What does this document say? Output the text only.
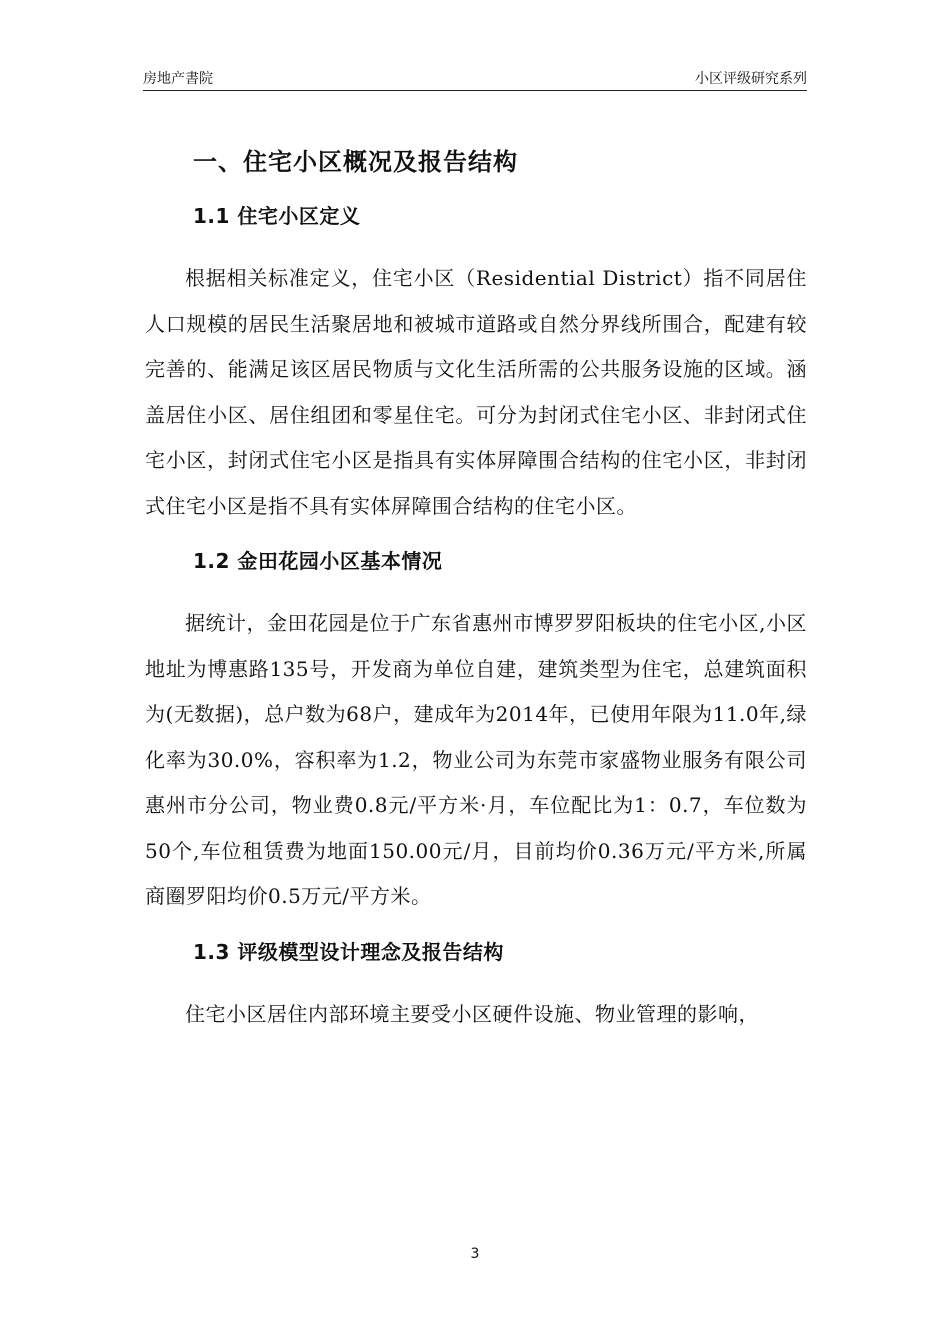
房地产書院	小区评级研究系列
一、住宅小区概况及报告结构
1.1 住宅小区定义

根据相关标准定义，住宅小区（Residential District）指不同居住人口规模的居民生活聚居地和被城市道路或自然分界线所围合，配建有较完善的、能满足该区居民物质与文化生活所需的公共服务设施的区域。涵盖居住小区、居住组团和零星住宅。可分为封闭式住宅小区、非封闭式住宅小区，封闭式住宅小区是指具有实体屏障围合结构的住宅小区，非封闭式住宅小区是指不具有实体屏障围合结构的住宅小区。

1.2 金田花园小区基本情况

据统计，金田花园是位于广东省惠州市博罗罗阳板块的住宅小区,小区地址为博惠路135号，开发商为单位自建，建筑类型为住宅，总建筑面积为(无数据)，总户数为68户，建成年为2014年，已使用年限为11.0年,绿化率为30.0%，容积率为1.2，物业公司为东莞市家盛物业服务有限公司惠州市分公司，物业费0.8元/平方米·月，车位配比为1：0.7，车位数为50个,车位租赁费为地面150.00元/月，目前均价0.36万元/平方米,所属商圈罗阳均价0.5万元/平方米。

1.3 评级模型设计理念及报告结构

住宅小区居住内部环境主要受小区硬件设施、物业管理的影响，

3
